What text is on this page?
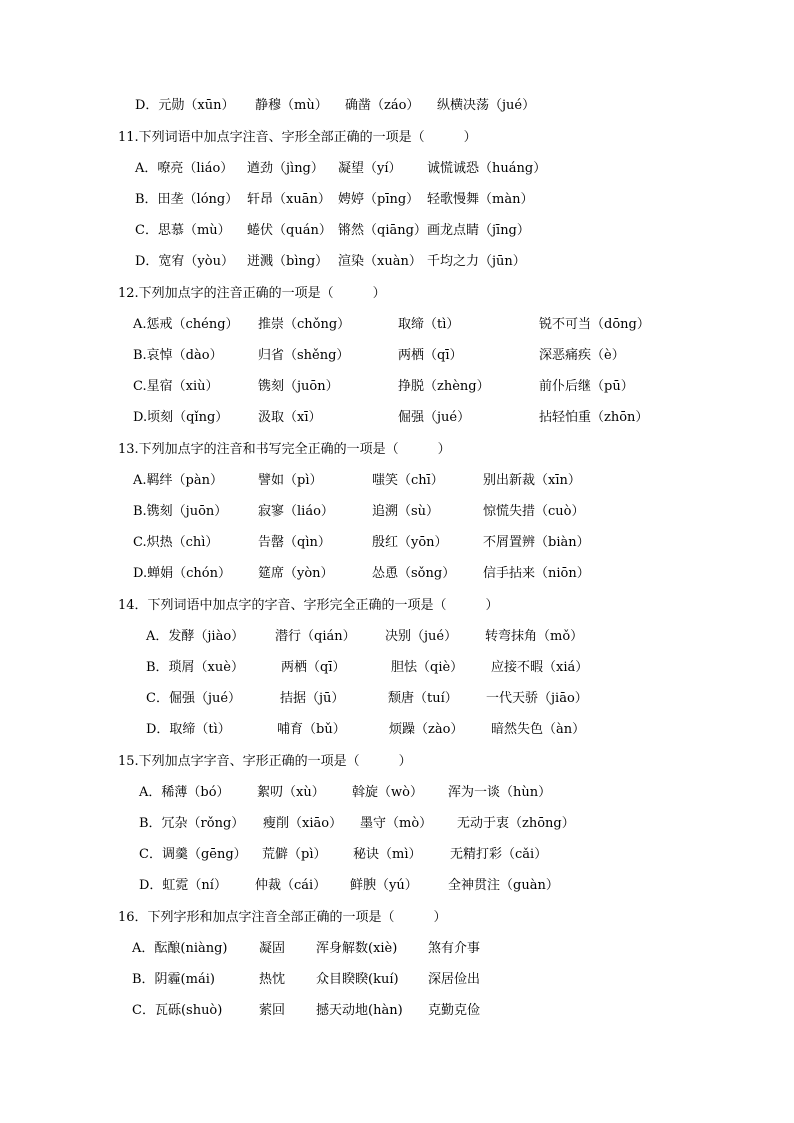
D．元勋（xūn） 静穆（mù） 确凿（záo） 纵横决荡（jué）
11.下列词语中加点字注音、字形全部正确的一项是（　　　）
A．嘹亮（liáo） 遒劲（jìng） 凝望（yí） 诚慌诚恐（huáng）
B．田垄（lóng） 轩昂（xuān） 娉婷（pīng） 轻歌慢舞（màn）
C．思慕（mù） 蜷伏（quán） 锵然（qiāng） 画龙点睛（jīng）
D．宽宥（yòu） 迸溅（bìng） 渲染（xuàn） 千均之力（jūn）
12.下列加点字的注音正确的一项是（　　　）
A.惩戒（chéng） 推崇（chǒng）	取缔（tì）	锐不可当（dōng）
B.哀悼（dào）	归省（shěng）	两栖（qī）	深恶痛疾（è）
C.星宿（xiù）	镌刻（juōn）	挣脱（zhèng）	前仆后继（pū）
D.顷刻（qǐng） 汲取（xī）	倔强（jué）	拈轻怕重（zhōn）
13.下列加点字的注音和书写完全正确的一项是（　　　）
A.羁绊（pàn）	譬如（pì）	嗤笑（chī）	别出新裁（xīn）
B.镌刻（juōn） 寂寥（liáo）	追溯（sù）	惊慌失措（cuò）
C.炽热（chì）	告罄（qìn）	殷红（yōn）	不屑置辨（biàn）
D.蝉娟（chón） 筵席（yòn）	怂恿（sǒng） 信手拈来（niōn）
14．下列词语中加点字的字音、字形完全正确的一项是（　　　）
A．发酵（jiào） 潜行（qián） 决别（jué） 转弯抹角（mǒ）
B．琐屑（xuè）	两栖（qī）	胆怯（qiè） 应接不暇（xiá）
C．倔强（jué）	拮据（jū）	颓唐（tuí） 一代天骄（jiāo）
D．取缔（tì）	哺育（bǔ）	烦躁（zào） 暗然失色（àn）
15.下列加点字字音、字形正确的一项是（　　　）
A．稀薄（bó） 絮叨（xù） 斡旋（wò） 浑为一谈（hùn）
B．冗杂（rǒng） 瘦削（xiāo） 墨守（mò） 无动于衷（zhōng）
C．调羹（gēng） 荒僻（pì） 秘诀（mì） 无精打彩（cǎi）
D．虹霓（ní） 仲裁（cái） 鲜腴（yú） 全神贯注（guàn）
16．下列字形和加点字注音全部正确的一项是（　　　）
A．酝酿(niàng) 凝固 浑身解数(xiè) 煞有介事
B．阴霾(mái)	热忱 众目睽睽(kuí) 深居俭出
C．瓦砾(shuò)	萦回 撼天动地(hàn) 克勤克俭
